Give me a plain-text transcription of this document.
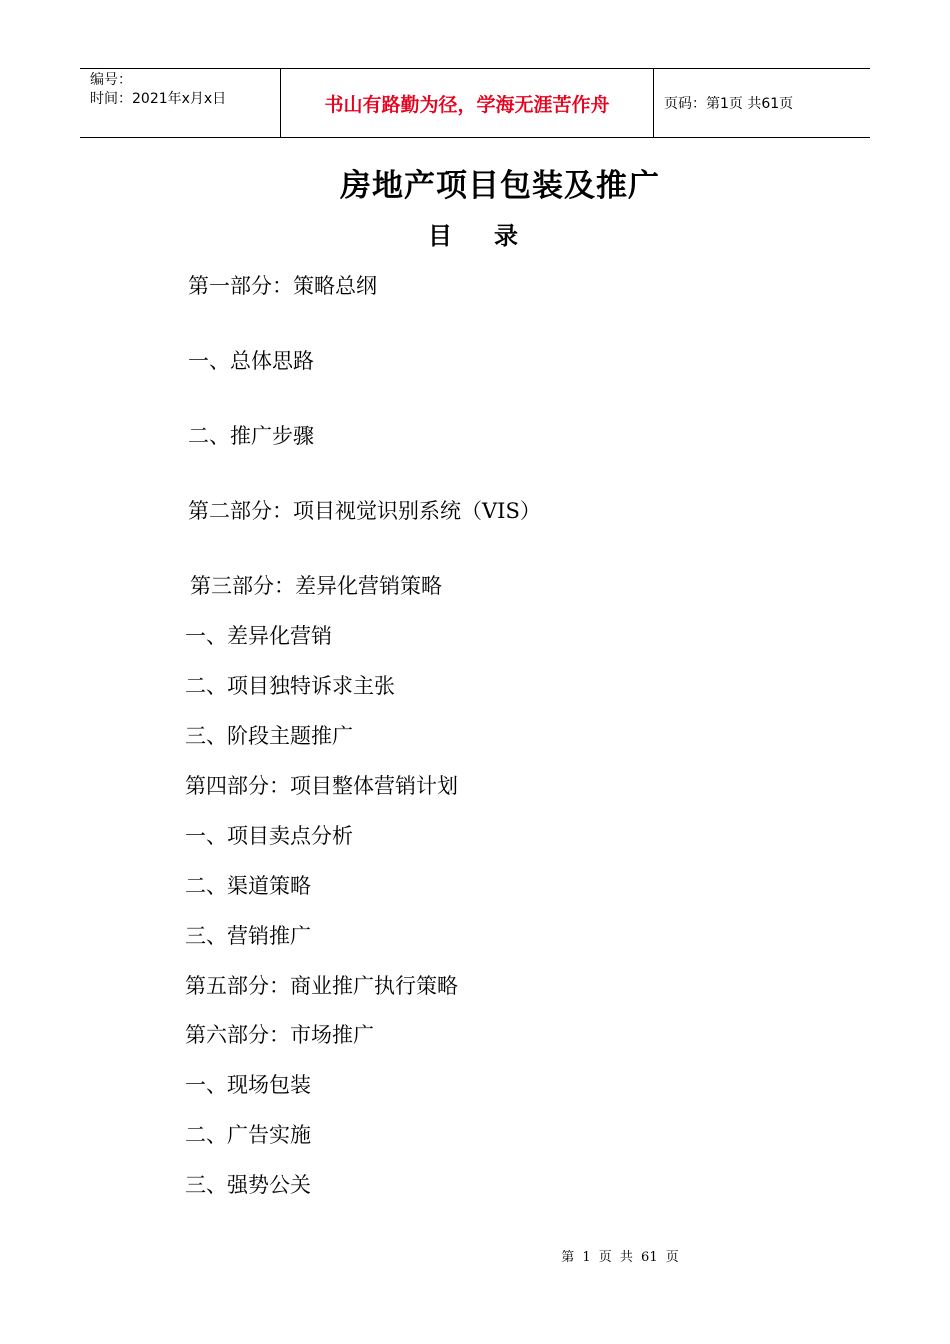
编号：
时间：2021年x月x日	书山有路勤为径，学海无涯苦作舟	页码：第1页 共61页
房地产项目包装及推广
目录
第一部分：策略总纲
一、总体思路
二、推广步骤
第二部分：项目视觉识别系统（VIS）
第三部分：差异化营销策略
一、差异化营销
二、项目独特诉求主张
三、阶段主题推广
第四部分：项目整体营销计划
一、项目卖点分析
二、渠道策略
三、营销推广
第五部分：商业推广执行策略
第六部分：市场推广
一、现场包装
二、广告实施
三、强势公关
第 1 页 共 61 页
